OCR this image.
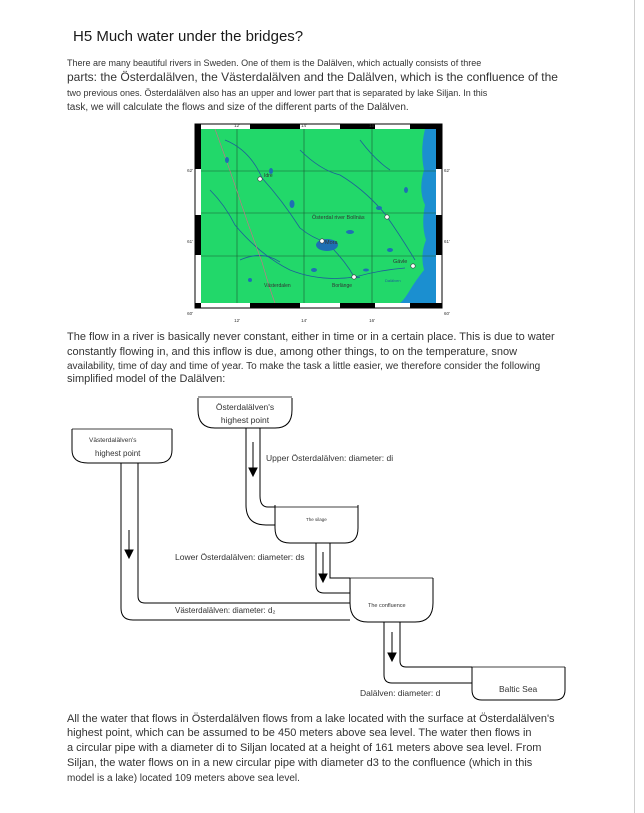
H5 Much water under the bridges?
There are many beautiful rivers in Sweden. One of them is the Dalälven, which actually consists of three
parts: the Österdalälven, the Västerdalälven and the Dalälven, which is the confluence of the
two previous ones. Österdalälven also has an upper and lower part that is separated by lake Siljan. In this
task, we will calculate the flows and size of the different parts of the Dalälven.
12'	14'	16'
12'	14'	16'
62'
61'
60'
62'
61'
60'
Idre
Österdal river Bollnäs
Mora
Gävle
Västerdalen	Borlänge
Dalälven
The flow in a river is basically never constant, either in time or in a certain place. This is due to water
constantly flowing in, and this inflow is due, among other things, to on the temperature, snow
availability, time of day and time of year. To make the task a little easier, we therefore consider the following
simplified model of the Dalälven:
Österdalälven's
highest point
Västerdalälven's
highest point	Upper Österdalälven: diameter: di
The silage
Lower Österdalälven: diameter: ds
The confluence
Västerdalälven: diameter: d₂
Dalälven: diameter: d	Baltic Sea
All the water that flows in Österdalälven flows from a lake located with the surface at Österdalälven's
highest point, which can be assumed to be 450 meters above sea level. The water then flows in
a circular pipe with a diameter di to Siljan located at a height of 161 meters above sea level. From
Siljan, the water flows on in a new circular pipe with diameter d3 to the confluence (which in this
model is a lake) located 109 meters above sea level.
